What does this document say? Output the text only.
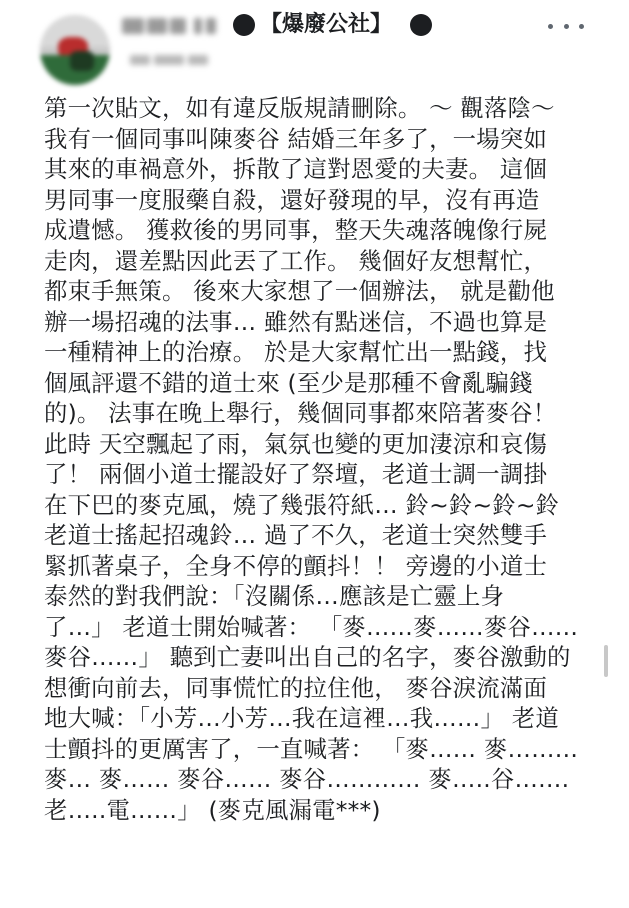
【爆廢公社】
第一次貼文，如有違反版規請刪除。 ～ 觀落陰～
我有一個同事叫陳麥谷 結婚三年多了，一場突如
其來的車禍意外，拆散了這對恩愛的夫妻。 這個
男同事一度服藥自殺，還好發現的早，沒有再造
成遺憾。 獲救後的男同事，整天失魂落魄像行屍
走肉，還差點因此丟了工作。 幾個好友想幫忙，
都束手無策。 後來大家想了一個辦法， 就是勸他
辦一場招魂的法事… 雖然有點迷信，不過也算是
一種精神上的治療。 於是大家幫忙出一點錢，找
個風評還不錯的道士來 (至少是那種不會亂騙錢
的)。 法事在晚上舉行，幾個同事都來陪著麥谷！
此時 天空飄起了雨，氣氛也變的更加淒涼和哀傷
了！ 兩個小道士擺設好了祭壇，老道士調一調掛
在下巴的麥克風，燒了幾張符紙… 鈴~鈴~鈴~鈴
老道士搖起招魂鈴… 過了不久，老道士突然雙手
緊抓著桌子，全身不停的顫抖！！ 旁邊的小道士
泰然的對我們說：「沒關係…應該是亡靈上身
了…」 老道士開始喊著： 「麥……麥……麥谷……
麥谷……」 聽到亡妻叫出自己的名字，麥谷激動的
想衝向前去，同事慌忙的拉住他， 麥谷淚流滿面
地大喊：「小芳…小芳…我在這裡…我……」 老道
士顫抖的更厲害了，一直喊著： 「麥…… 麥………
麥… 麥…… 麥谷…… 麥谷………… 麥…..谷…….
老…..電……」 (麥克風漏電***)
